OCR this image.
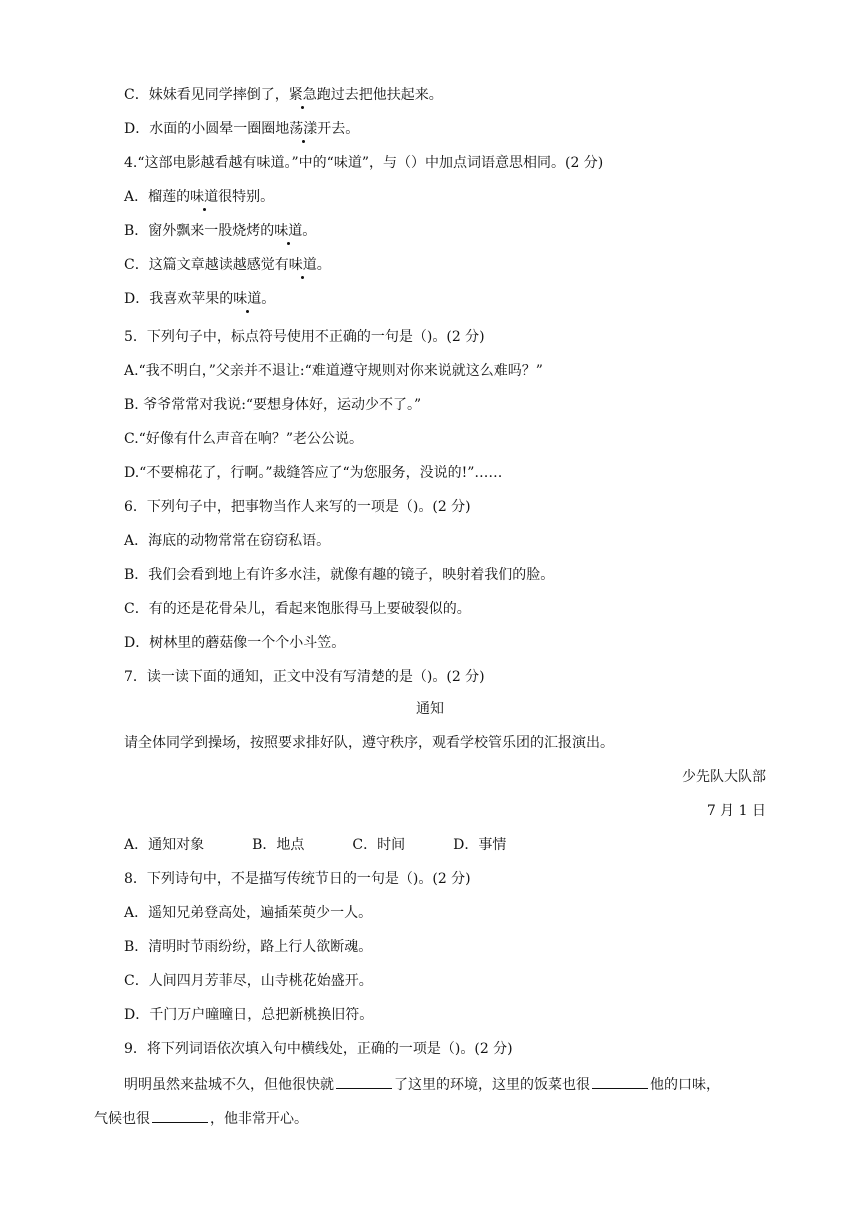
C．妹妹看见同学摔倒了，紧急跑过去把他扶起来。
D．水面的小圆晕一圈圈地荡漾开去。
4.“这部电影越看越有味道。”中的“味道”，与（）中加点词语意思相同。(2 分)
A．榴莲的味道很特别。
B．窗外飘来一股烧烤的味道。
C．这篇文章越读越感觉有味道。
D．我喜欢苹果的味道。
5．下列句子中，标点符号使用不正确的一句是（)。(2 分)
A.“我不明白，”父亲并不退让:“难道遵守规则对你来说就这么难吗？”
B. 爷爷常常对我说:“要想身体好，运动少不了。”
C.“好像有什么声音在响？”老公公说。
D.“不要棉花了，行啊。”裁缝答应了“为您服务，没说的!”……
6．下列句子中，把事物当作人来写的一项是（)。(2 分)
A．海底的动物常常在窃窃私语。
B．我们会看到地上有许多水洼，就像有趣的镜子，映射着我们的脸。
C．有的还是花骨朵儿，看起来饱胀得马上要破裂似的。
D．树林里的蘑菇像一个个小斗笠。
7．读一读下面的通知，正文中没有写清楚的是（)。(2 分)
通知
请全体同学到操场，按照要求排好队，遵守秩序，观看学校管乐团的汇报演出。
少先队大队部
7 月 1 日
A．通知对象	B．地点	C．时间	D．事情
8．下列诗句中，不是描写传统节日的一句是（)。(2 分)
A．遥知兄弟登高处，遍插茱萸少一人。
B．清明时节雨纷纷，路上行人欲断魂。
C．人间四月芳菲尽，山寺桃花始盛开。
D．千门万户曈曈日，总把新桃换旧符。
9．将下列词语依次填入句中横线处，正确的一项是（)。(2 分)
明明虽然来盐城不久，但他很快就	了这里的环境，这里的饭菜也很	他的口味，
气候也很	，他非常开心。
